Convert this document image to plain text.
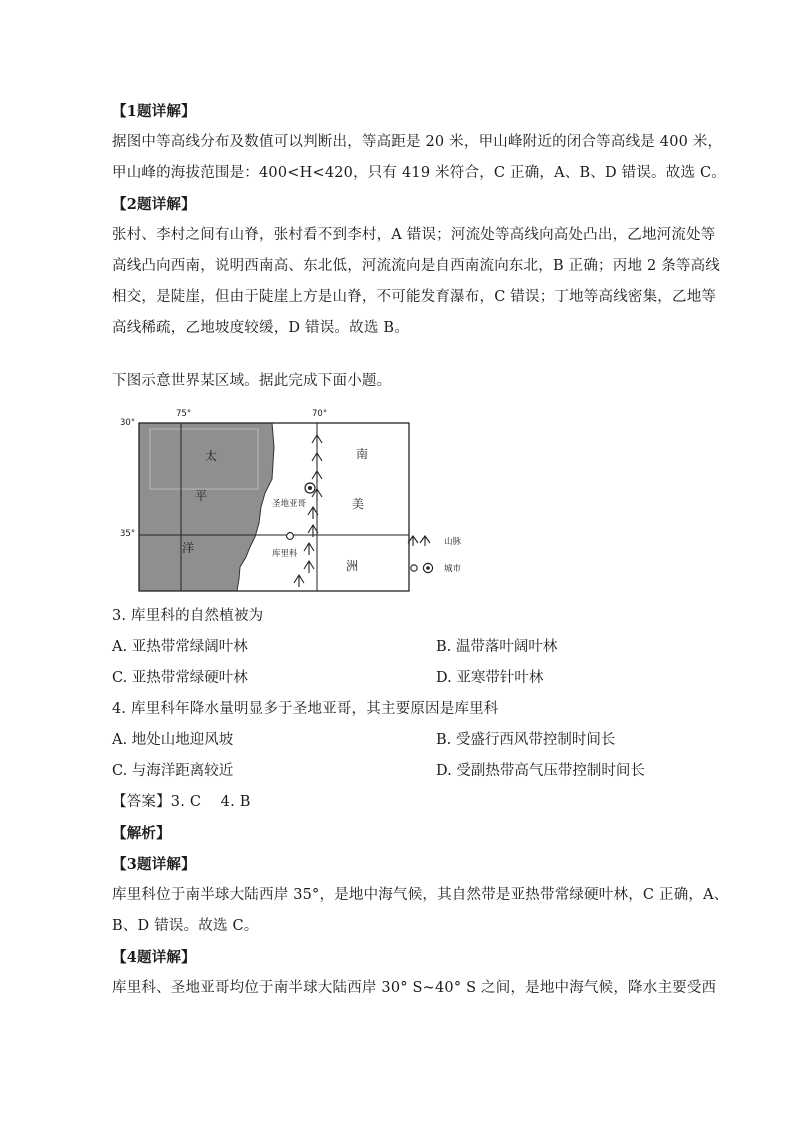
【1题详解】
据图中等高线分布及数值可以判断出，等高距是 20 米，甲山峰附近的闭合等高线是 400 米，
甲山峰的海拔范围是：400<H<420，只有 419 米符合，C 正确，A、B、D 错误。故选 C。
【2题详解】
张村、李村之间有山脊，张村看不到李村，A 错误；河流处等高线向高处凸出，乙地河流处等
高线凸向西南，说明西南高、东北低，河流流向是自西南流向东北，B 正确；丙地 2 条等高线
相交，是陡崖，但由于陡崖上方是山脊，不可能发育瀑布，C 错误；丁地等高线密集，乙地等
高线稀疏，乙地坡度较缓，D 错误。故选 B。
下图示意世界某区域。据此完成下面小题。
75°	70°
30°
35°
太
平
洋
南
美
洲
圣地亚哥
库里科
山脉
城市
3. 库里科的自然植被为
A. 亚热带常绿阔叶林	B. 温带落叶阔叶林
C. 亚热带常绿硬叶林	D. 亚寒带针叶林
4. 库里科年降水量明显多于圣地亚哥，其主要原因是库里科
A. 地处山地迎风坡	B. 受盛行西风带控制时间长
C. 与海洋距离较近	D. 受副热带高气压带控制时间长
【答案】3. C　 4. B
【解析】
【3题详解】
库里科位于南半球大陆西岸 35°，是地中海气候，其自然带是亚热带常绿硬叶林，C 正确，A、
B、D 错误。故选 C。
【4题详解】
库里科、圣地亚哥均位于南半球大陆西岸 30° S~40° S 之间，是地中海气候，降水主要受西
